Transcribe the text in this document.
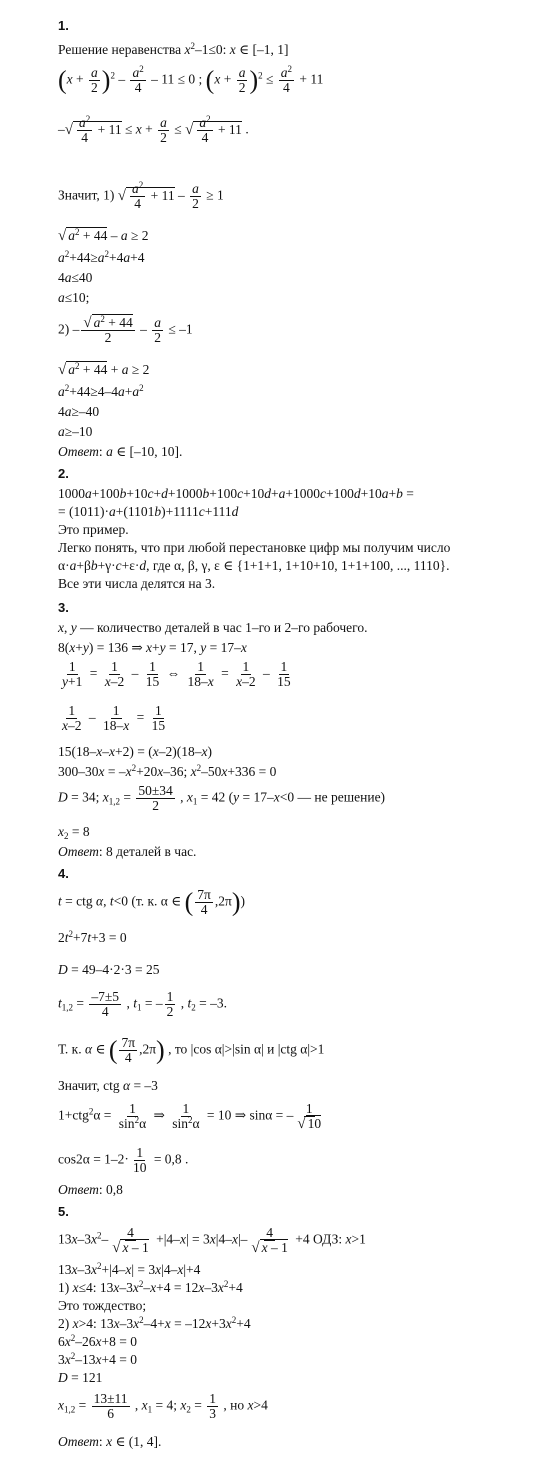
1.
Решение неравенства $x^2-1\le 0$: x ∈ [–1, 1]
$(x + \frac{a}{2} )^2 - \frac{a^2}{4} - 11 \le 0$ ; $(x + \frac{a}{2} )^2 \le \frac{a^2}{4} + 11$
– √ $\frac{a^2}{4} + 11 \le x + \frac{a}{2}$ ≤ √ $\frac{a^2}{4} + 11$ .
Значит, 1) √ $\frac{a^2}{4} + 11 - \frac{a}{2} \ge 1$
√ $a^2 + 44 - a \ge 2$
$a^2+44\ge a^2+4a+4$
4a≤40
a≤10;
2) – √ $\frac{a^2 + 44}{2} - \frac{a}{2} \le -1$
√ $a^2 + 44 + a \ge 2$
$a^2+44\ge 4-4a+a^2$
4a≥–40
a≥–10
Ответ: a ∈ [–10, 10].
2.
1000a+100b+10c+d+1000b+100c+10d+a+1000c+100d+10a+b =
= (1011)·a+(1101b)+1111c+111d
Это пример.
Легко понять, что при любой перестановке цифр мы получим число
α·a+βb+γ·c+ε·d, где α, β, γ, ε ∈ {1+1+1, 1+10+10, 1+1+100, ..., 1110}.
Все эти числа делятся на 3.
3.
x, y — количество деталей в час 1–го и 2–го рабочего.
8(x+y) = 136 ⇒ x+y = 17, y = 17–x
$\frac{1}{y+1} = \frac{1}{x-2} - \frac{1}{15}$ ⇔ $\frac{1}{18-x} = \frac{1}{x-2} - \frac{1}{15}$
$\frac{1}{x-2} - \frac{1}{18-x} = \frac{1}{15}$
15(18–x–x+2) = (x–2)(18–x)
$300-30x = -x^2+20x-36$; $x^2-50x+336 = 0$
D = 34; $x_{1,2} = \frac{50\pm 34}{2}$ , $x_1 = 42$ (y = 17–x<0 — не решение)
$x_2 = 8$
Ответ: 8 деталей в час.
4.
t = ctg α, t<0 (т. к. α ∈ ( $\frac{7\pi}{4} ,2\pi$))
$2t^2+7t+3 = 0$
D = 49–4·2·3 = 25
$t_{1,2} = \frac{-7\pm 5}{4}$ , $t_1$ = – $\frac{1}{2}$ , $t_2 = -3$.
Т. к. α ∈ ( $\frac{7\pi}{4} ,2\pi$) , то |cos α|>|sin α| и |ctg α|>1
Значит, ctg α = –3
$1+ctg^2\alpha = \frac{1}{\sin^2\alpha}$ ⇒ $\frac{1}{\sin^2\alpha} = 10$ ⇒ sinα = – 1
√ 10
$\cos 2\alpha = 1-2\cdot \frac{1}{10} = 0,8$ .
Ответ: 0,8
5.
$13x-3x^2-$ 4
√ x – 1 +|4–x| = 3x|4–x|– 4
√ x – 1 +4 ОДЗ: x>1
$13x-3x^2+|4-x| = 3x|4-x|+4$
1) x≤4: $13x-3x^2-x+4 = 12x-3x^2+4$
Это тождество;
2) x>4: $13x-3x^2-4+x = -12x+3x^2+4$
$6x^2-26x+8 = 0$
$3x^2-13x+4 = 0$
D = 121
$x_{1,2} = \frac{13\pm 11}{6}$ , $x_1 = 4$; $x_2 = \frac{1}{3}$ , но x>4
Ответ: x ∈ (1, 4].
